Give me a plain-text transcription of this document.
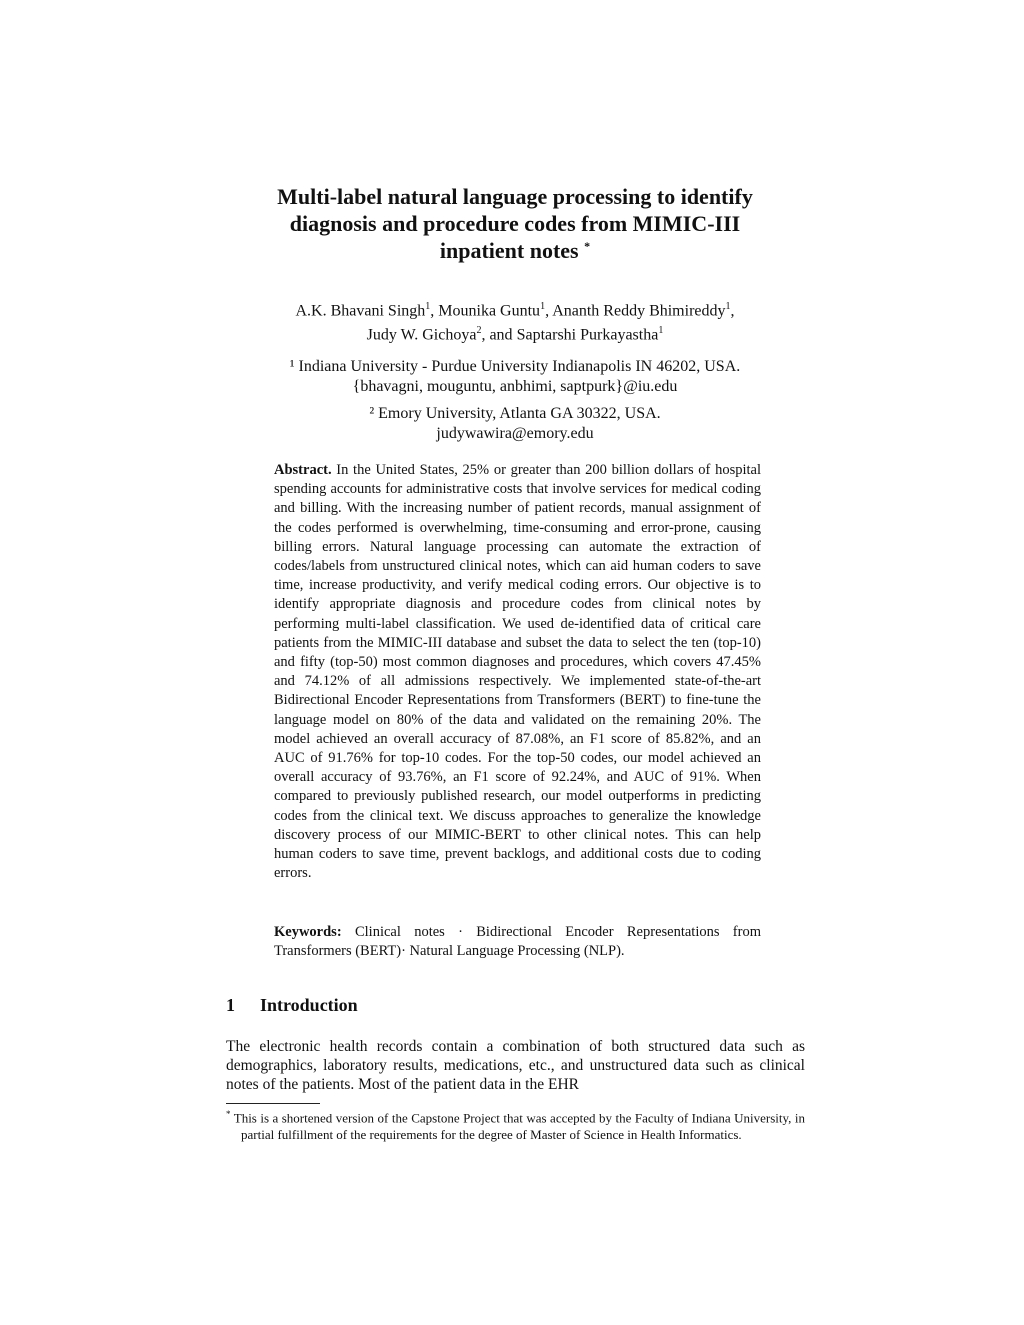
Multi-label natural language processing to identify
diagnosis and procedure codes from MIMIC-III
inpatient notes *
A.K. Bhavani Singh$^1$, Mounika Guntu$^1$, Ananth Reddy Bhimireddy$^1$,
Judy W. Gichoya$^2$, and Saptarshi Purkayastha$^1$
¹ Indiana University - Purdue University Indianapolis IN 46202, USA.
{bhavagni, mouguntu, anbhimi, saptpurk}@iu.edu
² Emory University, Atlanta GA 30322, USA.
judywawira@emory.edu
Abstract. In the United States, 25% or greater than 200 billion dollars of hospital spending accounts for administrative costs that involve services for medical coding and billing. With the increasing number of patient records, manual assignment of the codes performed is overwhelming, time-consuming and error-prone, causing billing errors. Natural language processing can automate the extraction of codes/labels from unstructured clinical notes, which can aid human coders to save time, increase productivity, and verify medical coding errors. Our objective is to identify appropriate diagnosis and procedure codes from clinical notes by performing multi-label classification. We used de-identified data of critical care patients from the MIMIC-III database and subset the data to select the ten (top-10) and fifty (top-50) most common diagnoses and procedures, which covers 47.45% and 74.12% of all admissions respectively. We implemented state-of-the-art Bidirectional Encoder Representations from Transformers (BERT) to fine-tune the language model on 80% of the data and validated on the remaining 20%. The model achieved an overall accuracy of 87.08%, an F1 score of 85.82%, and an AUC of 91.76% for top-10 codes. For the top-50 codes, our model achieved an overall accuracy of 93.76%, an F1 score of 92.24%, and AUC of 91%. When compared to previously published research, our model outperforms in predicting codes from the clinical text. We discuss approaches to generalize the knowledge discovery process of our MIMIC-BERT to other clinical notes. This can help human coders to save time, prevent backlogs, and additional costs due to coding errors.
Keywords: Clinical notes · Bidirectional Encoder Representations from Transformers (BERT)· Natural Language Processing (NLP).
1 Introduction
The electronic health records contain a combination of both structured data such as demographics, laboratory results, medications, etc., and unstructured data such as clinical notes of the patients. Most of the patient data in the EHR
* This is a shortened version of the Capstone Project that was accepted by the Faculty of Indiana University, in partial fulfillment of the requirements for the degree of Master of Science in Health Informatics.
